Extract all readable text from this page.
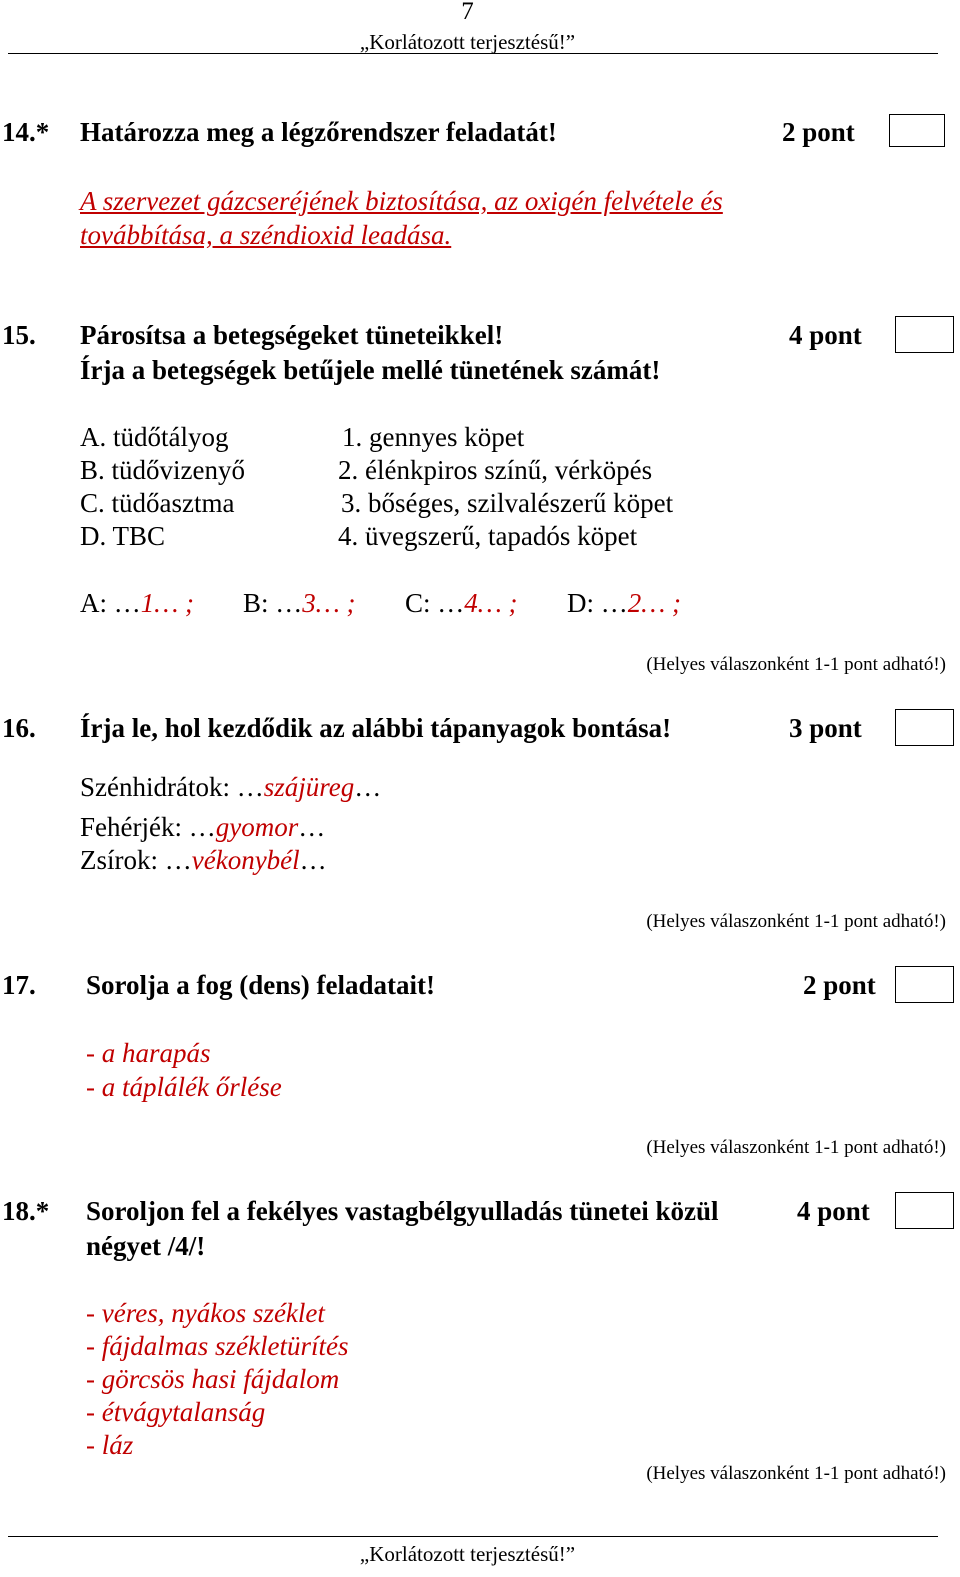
7
„Korlátozott terjesztésű!”
14.* Határozza meg a légzőrendszer feladatát!	2 pont
A szervezet gázcseréjének biztosítása, az oxigén felvétele és
továbbítása, a széndioxid leadása.
15. Párosítsa a betegségeket tüneteikkel!
Írja a betegségek betűjele mellé tünetének számát!
4 pont
A. tüdőtályog
B. tüdővizenyő
C. tüdőasztma
D. TBC
1. gennyes köpet
2. élénkpiros színű, vérköpés
3. bőséges, szilvalészerű köpet
4. üvegszerű, tapadós köpet
A: …1… ; B: …3… ; C: …4… ; D: …2… ;
(Helyes válaszonként 1-1 pont adható!)
16. Írja le, hol kezdődik az alábbi tápanyagok bontása!	3 pont
Szénhidrátok: …szájüreg…
Fehérjék: …gyomor…
Zsírok: …vékonybél…
(Helyes válaszonként 1-1 pont adható!)
17. Sorolja a fog (dens) feladatait!	2 pont
- a harapás
- a táplálék őrlése
(Helyes válaszonként 1-1 pont adható!)
18.* Soroljon fel a fekélyes vastagbélgyulladás tünetei közül
négyet /4/!
4 pont
- véres, nyákos széklet
- fájdalmas székletürítés
- görcsös hasi fájdalom
- étvágytalanság
- láz
(Helyes válaszonként 1-1 pont adható!)
„Korlátozott terjesztésű!”
